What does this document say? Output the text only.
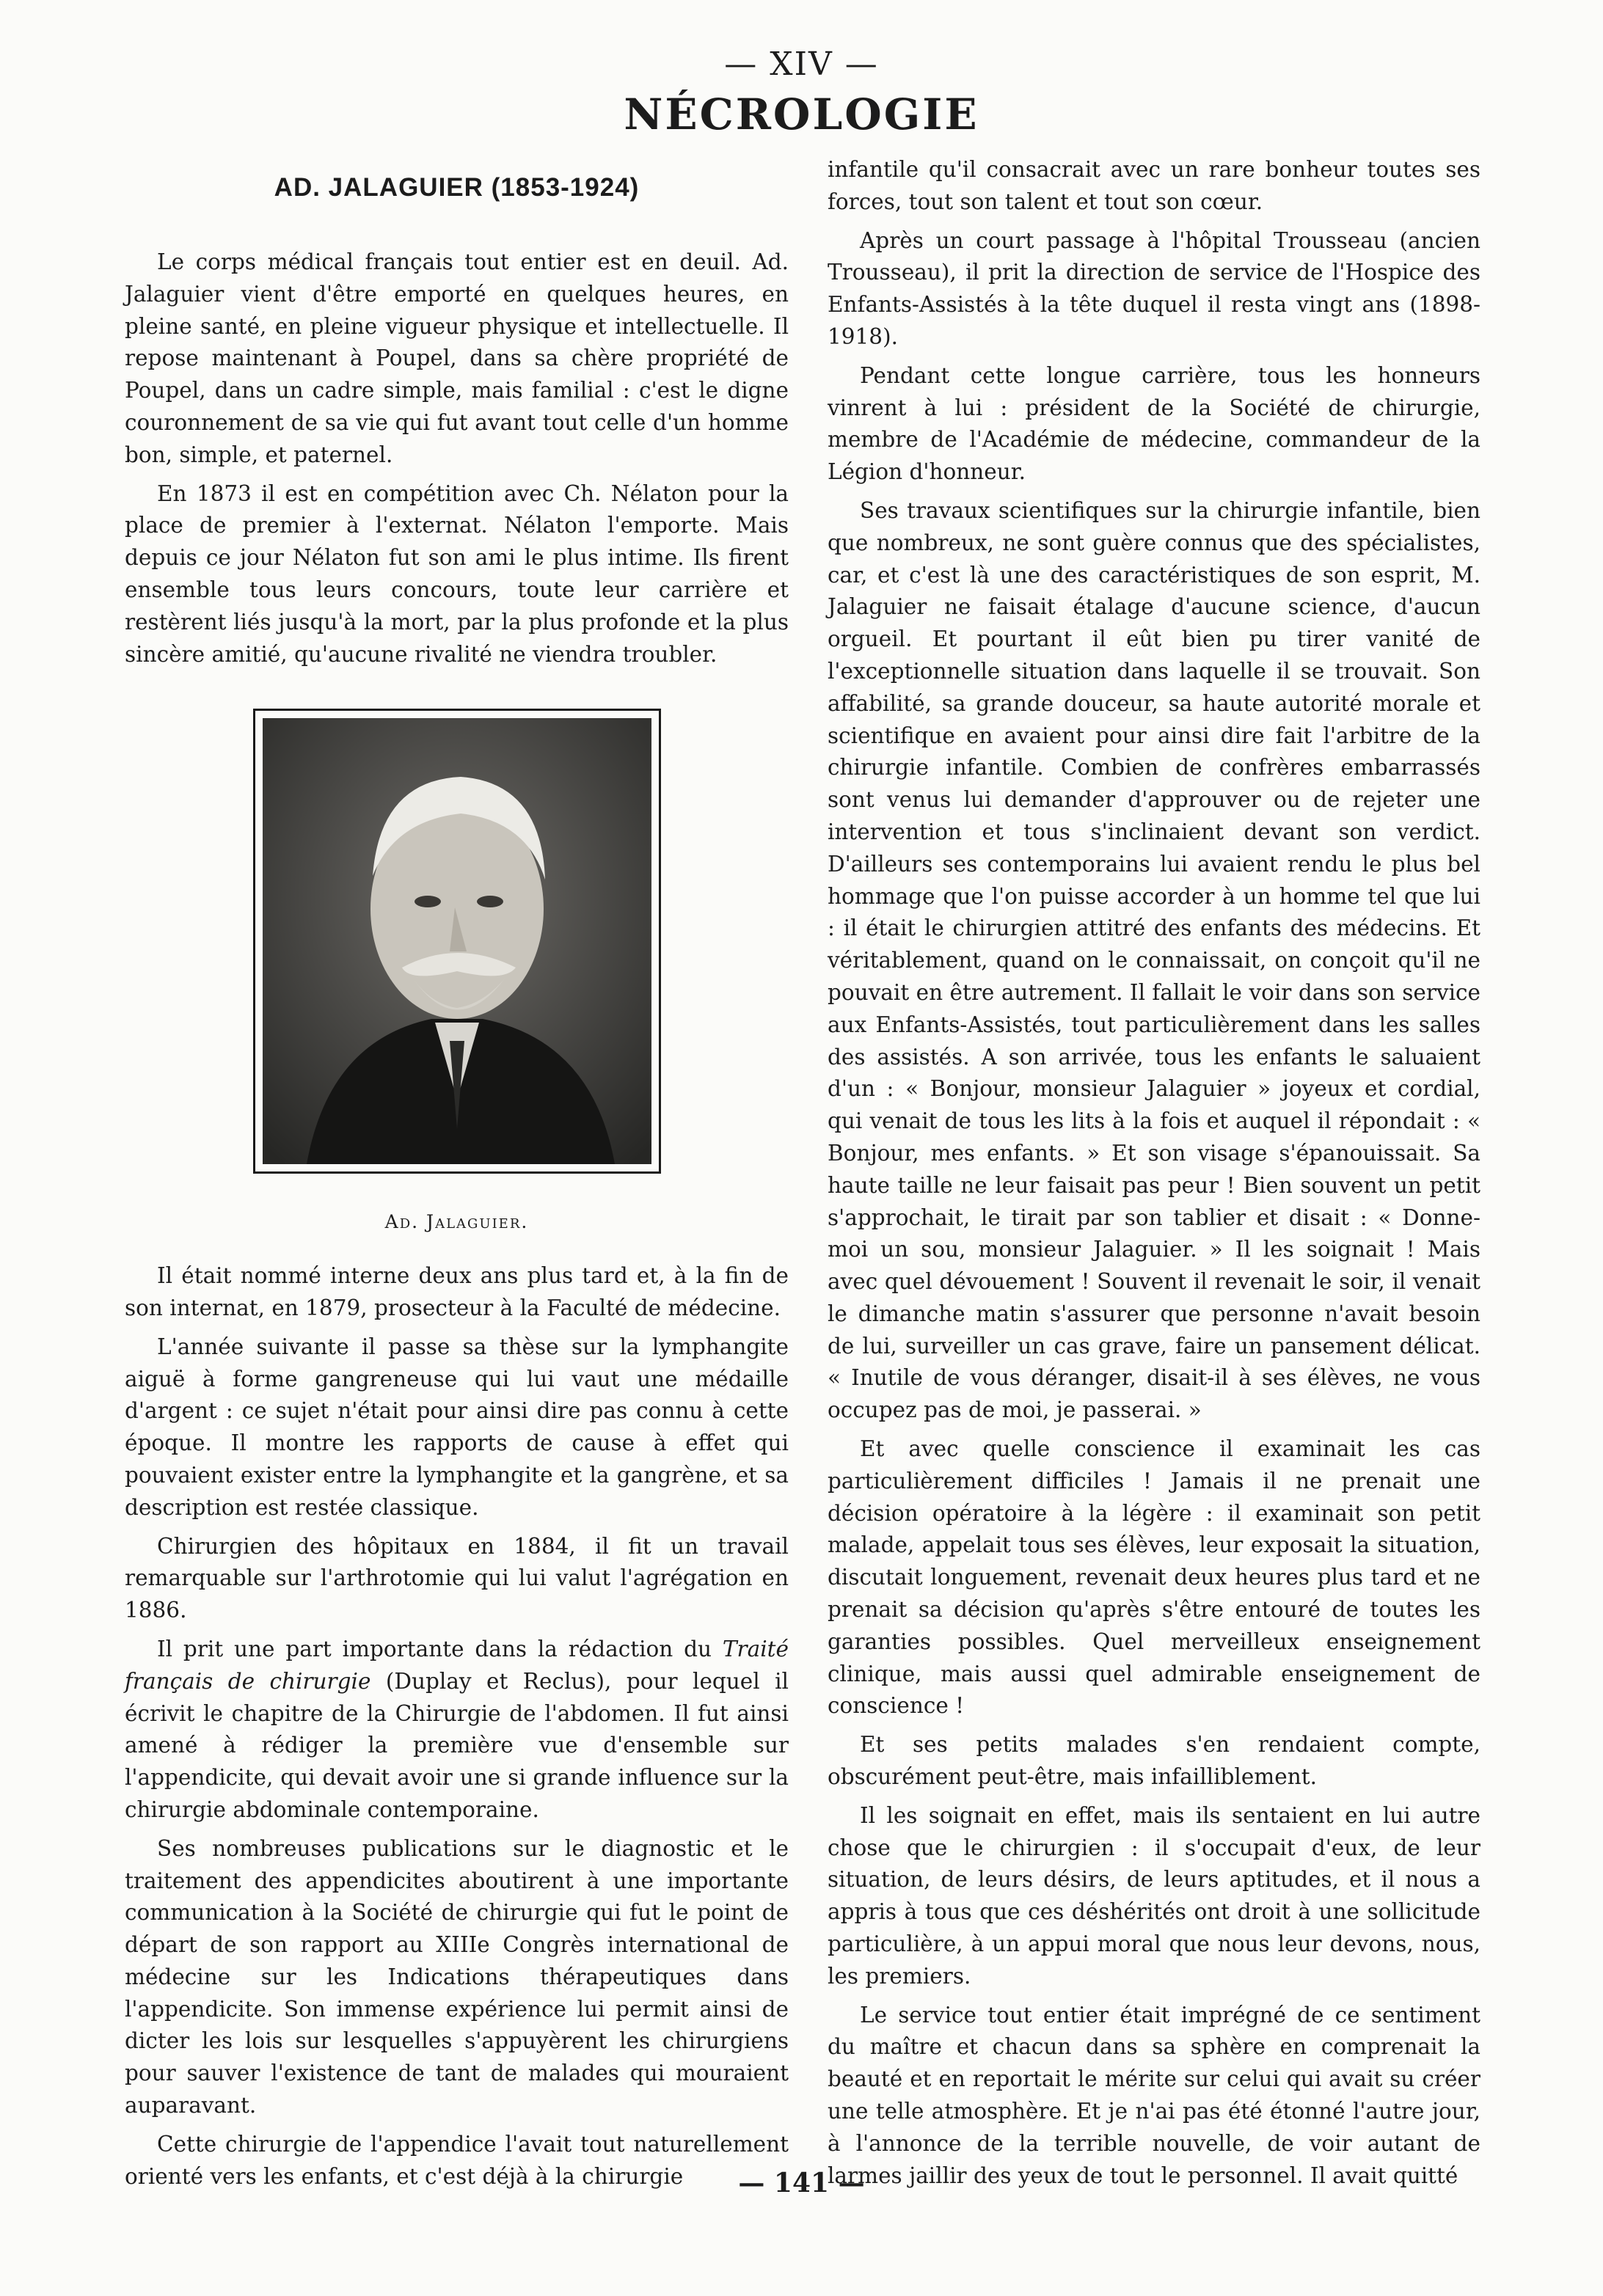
— XIV —
NÉCROLOGIE
AD. JALAGUIER (1853-1924)

Le corps médical français tout entier est en deuil. Ad. Jalaguier vient d'être emporté en quelques heures, en pleine santé, en pleine vigueur physique et intellectuelle. Il repose maintenant à Poupel, dans sa chère propriété de Poupel, dans un cadre simple, mais familial : c'est le digne couronnement de sa vie qui fut avant tout celle d'un homme bon, simple, et paternel.

En 1873 il est en compétition avec Ch. Nélaton pour la place de premier à l'externat. Nélaton l'emporte. Mais depuis ce jour Nélaton fut son ami le plus intime. Ils firent ensemble tous leurs concours, toute leur carrière et restèrent liés jusqu'à la mort, par la plus profonde et la plus sincère amitié, qu'aucune rivalité ne viendra troubler.

Ad. Jalaguier.

Il était nommé interne deux ans plus tard et, à la fin de son internat, en 1879, prosecteur à la Faculté de médecine.

L'année suivante il passe sa thèse sur la lymphangite aiguë à forme gangreneuse qui lui vaut une médaille d'argent : ce sujet n'était pour ainsi dire pas connu à cette époque. Il montre les rapports de cause à effet qui pouvaient exister entre la lymphangite et la gangrène, et sa description est restée classique.

Chirurgien des hôpitaux en 1884, il fit un travail remarquable sur l'arthrotomie qui lui valut l'agrégation en 1886.

Il prit une part importante dans la rédaction du Traité français de chirurgie (Duplay et Reclus), pour lequel il écrivit le chapitre de la Chirurgie de l'abdomen. Il fut ainsi amené à rédiger la première vue d'ensemble sur l'appendicite, qui devait avoir une si grande influence sur la chirurgie abdominale contemporaine.

Ses nombreuses publications sur le diagnostic et le traitement des appendicites aboutirent à une importante communication à la Société de chirurgie qui fut le point de départ de son rapport au XIIIe Congrès international de médecine sur les Indications thérapeutiques dans l'appendicite. Son immense expérience lui permit ainsi de dicter les lois sur lesquelles s'appuyèrent les chirurgiens pour sauver l'existence de tant de malades qui mouraient auparavant.

Cette chirurgie de l'appendice l'avait tout naturellement orienté vers les enfants, et c'est déjà à la chirurgie

infantile qu'il consacrait avec un rare bonheur toutes ses forces, tout son talent et tout son cœur.

Après un court passage à l'hôpital Trousseau (ancien Trousseau), il prit la direction de service de l'Hospice des Enfants-Assistés à la tête duquel il resta vingt ans (1898-1918).

Pendant cette longue carrière, tous les honneurs vinrent à lui : président de la Société de chirurgie, membre de l'Académie de médecine, commandeur de la Légion d'honneur.

Ses travaux scientifiques sur la chirurgie infantile, bien que nombreux, ne sont guère connus que des spécialistes, car, et c'est là une des caractéristiques de son esprit, M. Jalaguier ne faisait étalage d'aucune science, d'aucun orgueil. Et pourtant il eût bien pu tirer vanité de l'exceptionnelle situation dans laquelle il se trouvait. Son affabilité, sa grande douceur, sa haute autorité morale et scientifique en avaient pour ainsi dire fait l'arbitre de la chirurgie infantile. Combien de confrères embarrassés sont venus lui demander d'approuver ou de rejeter une intervention et tous s'inclinaient devant son verdict. D'ailleurs ses contemporains lui avaient rendu le plus bel hommage que l'on puisse accorder à un homme tel que lui : il était le chirurgien attitré des enfants des médecins. Et véritablement, quand on le connaissait, on conçoit qu'il ne pouvait en être autrement. Il fallait le voir dans son service aux Enfants-Assistés, tout particulièrement dans les salles des assistés. A son arrivée, tous les enfants le saluaient d'un : « Bonjour, monsieur Jalaguier » joyeux et cordial, qui venait de tous les lits à la fois et auquel il répondait : « Bonjour, mes enfants. » Et son visage s'épanouissait. Sa haute taille ne leur faisait pas peur ! Bien souvent un petit s'approchait, le tirait par son tablier et disait : « Donne-moi un sou, monsieur Jalaguier. » Il les soignait ! Mais avec quel dévouement ! Souvent il revenait le soir, il venait le dimanche matin s'assurer que personne n'avait besoin de lui, surveiller un cas grave, faire un pansement délicat. « Inutile de vous déranger, disait-il à ses élèves, ne vous occupez pas de moi, je passerai. »

Et avec quelle conscience il examinait les cas particulièrement difficiles ! Jamais il ne prenait une décision opératoire à la légère : il examinait son petit malade, appelait tous ses élèves, leur exposait la situation, discutait longuement, revenait deux heures plus tard et ne prenait sa décision qu'après s'être entouré de toutes les garanties possibles. Quel merveilleux enseignement clinique, mais aussi quel admirable enseignement de conscience !

Et ses petits malades s'en rendaient compte, obscurément peut-être, mais infailliblement.

Il les soignait en effet, mais ils sentaient en lui autre chose que le chirurgien : il s'occupait d'eux, de leur situation, de leurs désirs, de leurs aptitudes, et il nous a appris à tous que ces déshérités ont droit à une sollicitude particulière, à un appui moral que nous leur devons, nous, les premiers.

Le service tout entier était imprégné de ce sentiment du maître et chacun dans sa sphère en comprenait la beauté et en reportait le mérite sur celui qui avait su créer une telle atmosphère. Et je n'ai pas été étonné l'autre jour, à l'annonce de la terrible nouvelle, de voir autant de larmes jaillir des yeux de tout le personnel. Il avait quitté

— 141 —
